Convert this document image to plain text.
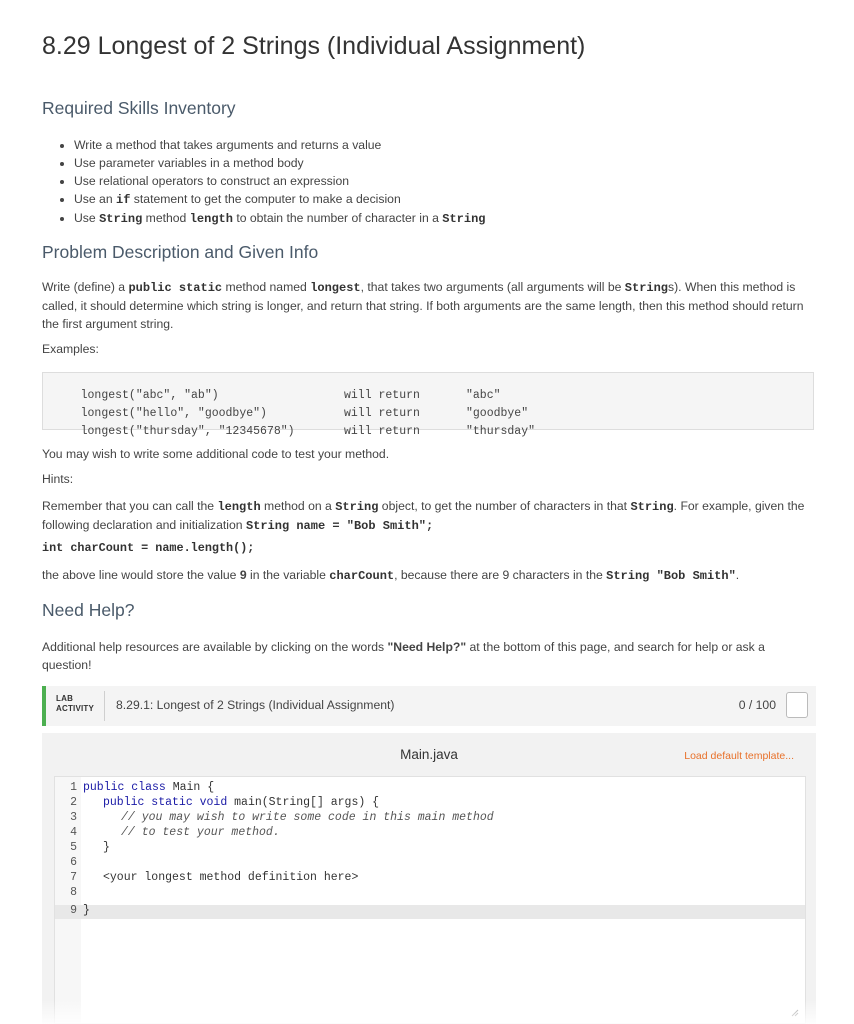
8.29 Longest of 2 Strings (Individual Assignment)
Required Skills Inventory
• Write a method that takes arguments and returns a value
• Use parameter variables in a method body
• Use relational operators to construct an expression
• Use an if statement to get the computer to make a decision
• Use String method length to obtain the number of character in a String
Problem Description and Given Info

Write (define) a public static method named longest, that takes two arguments (all arguments will be Strings). When this method is called, it should determine which string is longer, and return that string. If both arguments are the same length, then this method should return the first argument string.

Examples:

longest("abc", "ab")	will return	"abc"

longest("hello", "goodbye")	will return	"goodbye"

longest("thursday", "12345678")	will return	"thursday"

You may wish to write some additional code to test your method.

Hints:

Remember that you can call the length method on a String object, to get the number of characters in that String. For example, given the following declaration and initialization String name = "Bob Smith";

int charCount = name.length();

the above line would store the value 9 in the variable charCount, because there are 9 characters in the String "Bob Smith".

Need Help?

Additional help resources are available by clicking on the words "Need Help?" at the bottom of this page, and search for help or ask a question!

LAB
ACTIVITY 8.29.1: Longest of 2 Strings (Individual Assignment)	0 / 100
Main.java	Load default template...
1
2
3
4
5
6
7
8
9
public class Main {
public static void main(String[] args) {
// you may wish to write some code in this main method
// to test your method.
}
<your longest method definition here>
}
